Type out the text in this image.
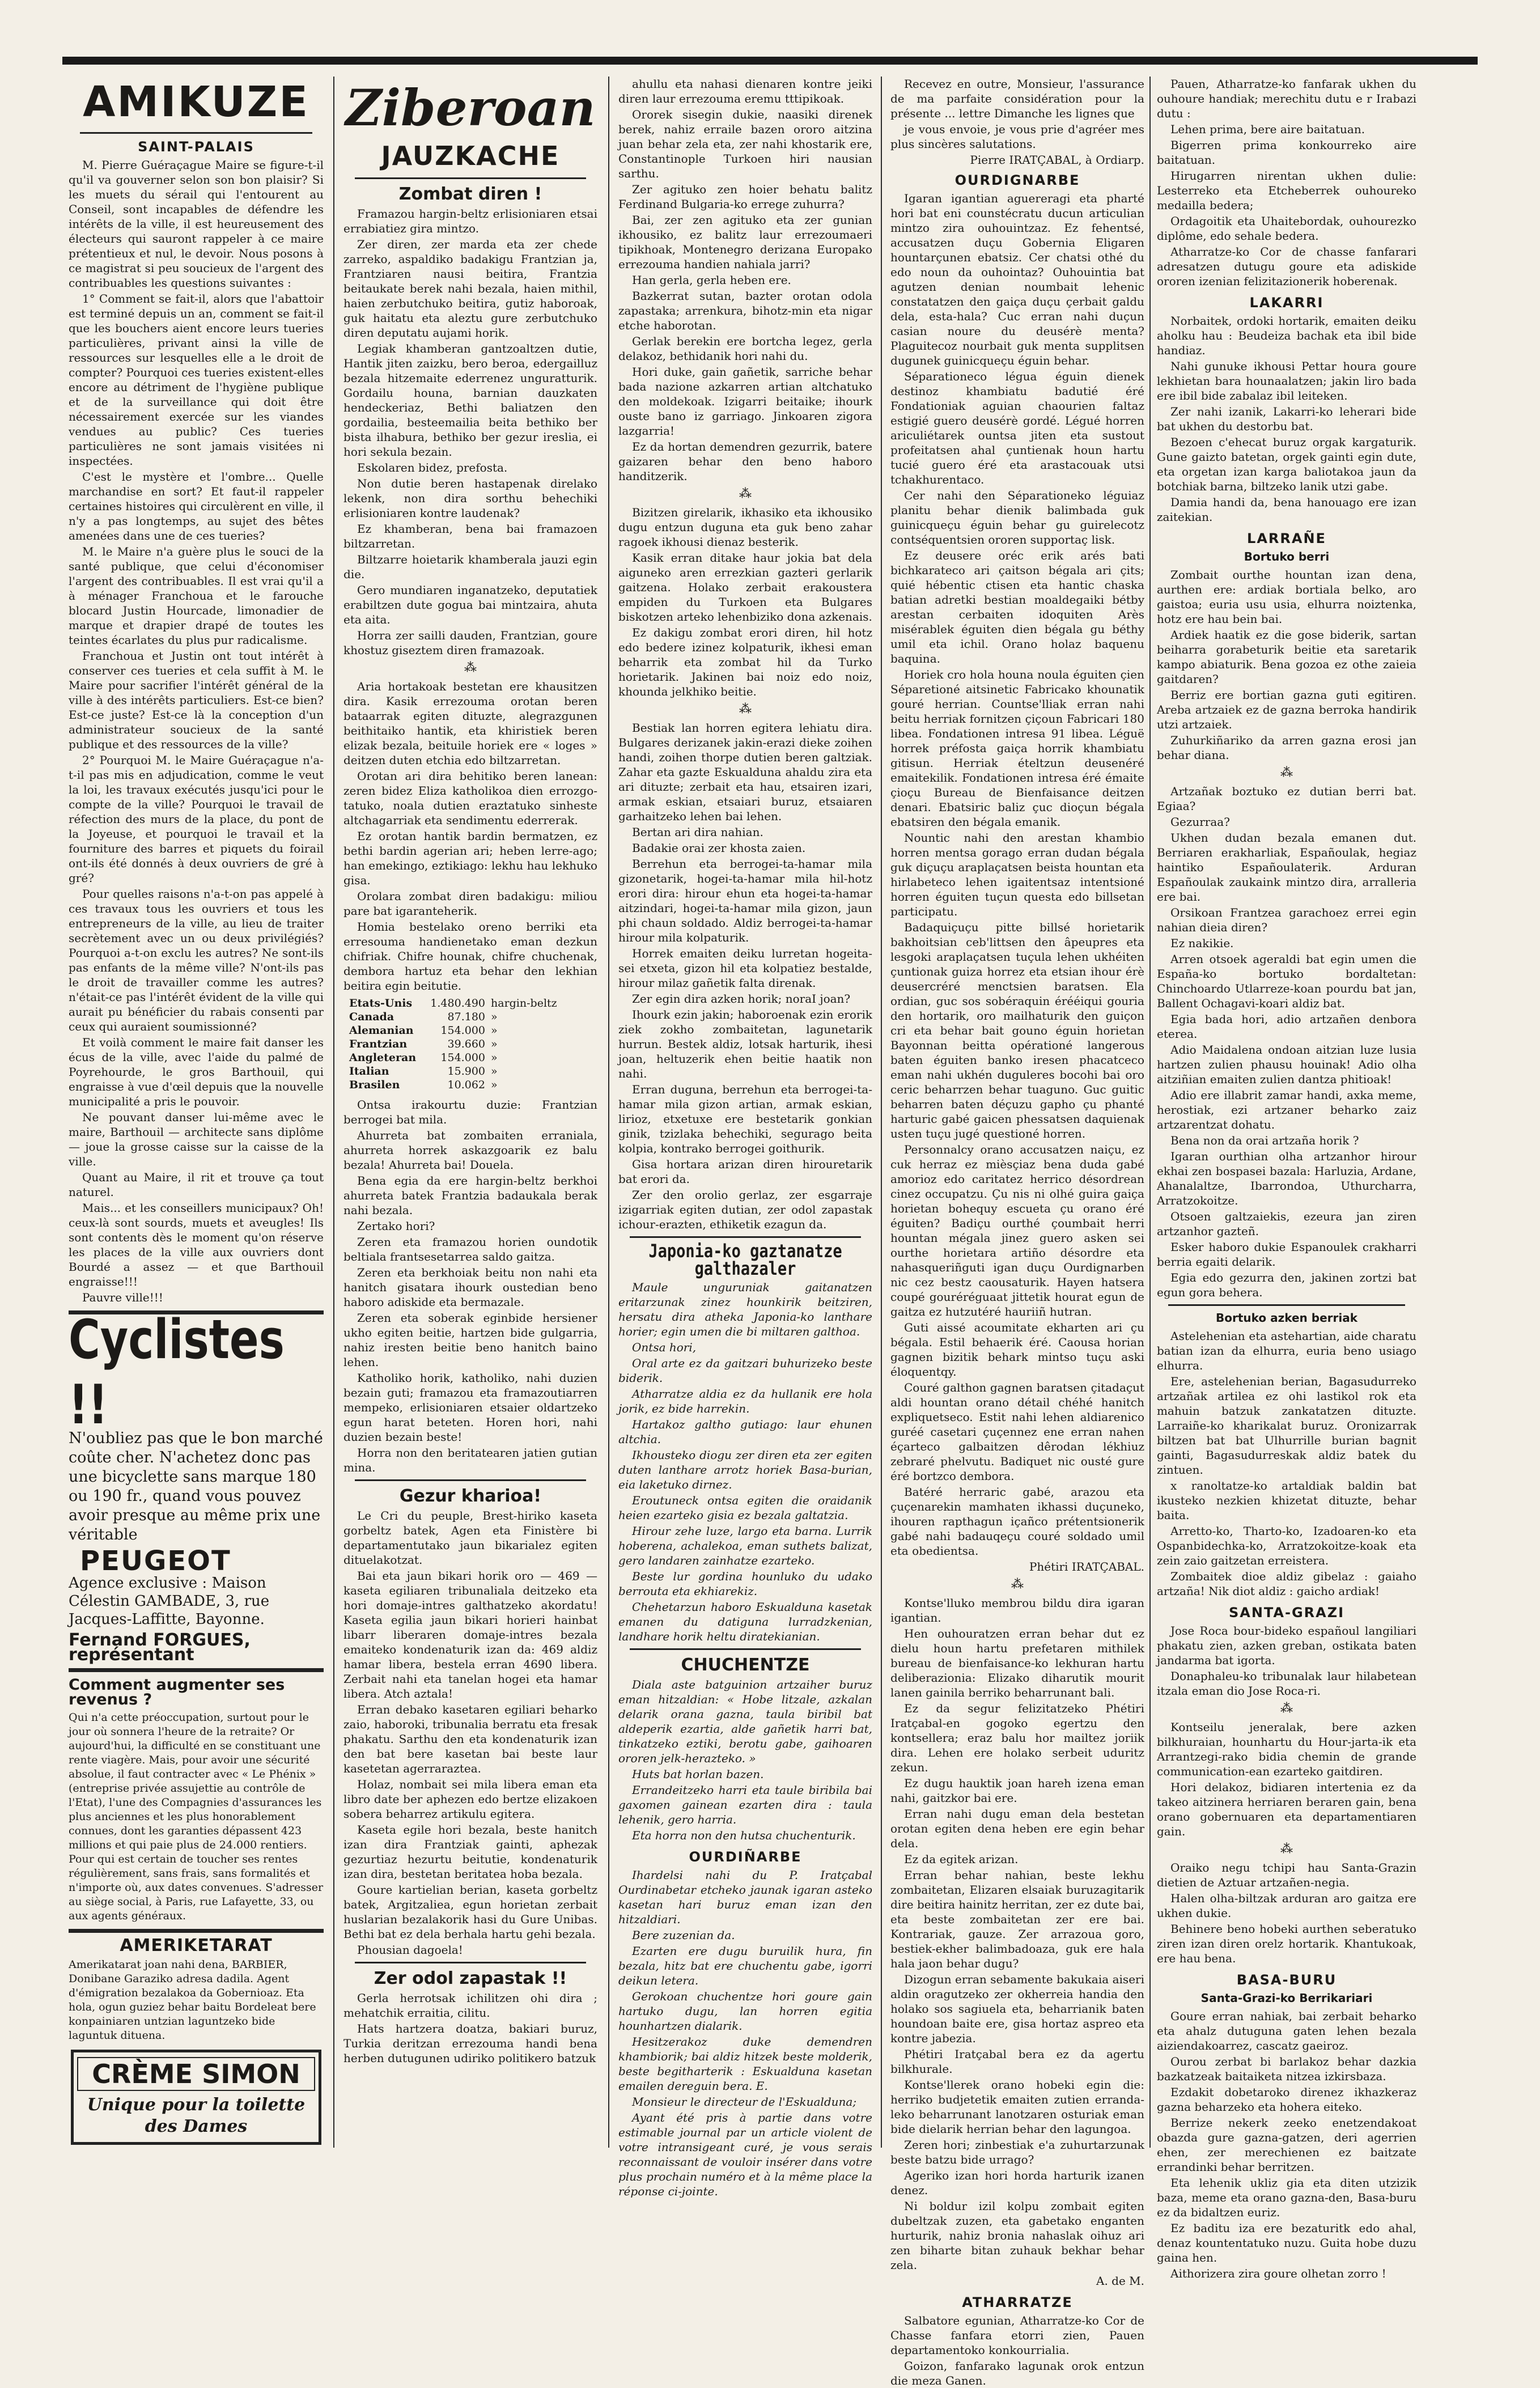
AMIKUZE
SAINT-PALAIS

M. Pierre Guéraçague Maire se figure-t-il qu'il va gouverner selon son bon plaisir? Si les muets du sérail qui l'entourent au Conseil, sont incapables de défendre les intérêts de la ville, il est heureusement des électeurs qui sauront rappeler à ce maire prétentieux et nul, le devoir. Nous posons à ce magistrat si peu soucieux de l'argent des contribuables les questions suivantes :

1° Comment se fait-il, alors que l'abattoir est terminé depuis un an, comment se fait-il que les bouchers aient encore leurs tueries particulières, privant ainsi la ville de ressources sur lesquelles elle a le droit de compter? Pourquoi ces tueries existent-elles encore au détriment de l'hygiène publique et de la surveillance qui doit être nécessairement exercée sur les viandes vendues au public? Ces tueries particulières ne sont jamais visitées ni inspectées.

C'est le mystère et l'ombre... Quelle marchandise en sort? Et faut-il rappeler certaines histoires qui circulèrent en ville, il n'y a pas longtemps, au sujet des bêtes amenées dans une de ces tueries?

M. le Maire n'a guère plus le souci de la santé publique, que celui d'économiser l'argent des contribuables. Il est vrai qu'il a à ménager Franchoua et le farouche blocard Justin Hourcade, limonadier de marque et drapier drapé de toutes les teintes écarlates du plus pur radicalisme.

Franchoua et Justin ont tout intérêt à conserver ces tueries et cela suffit à M. le Maire pour sacrifier l'intérêt général de la ville à des intérêts particuliers. Est-ce bien? Est-ce juste? Est-ce là la conception d'un administrateur soucieux de la santé publique et des ressources de la ville?

2° Pourquoi M. le Maire Guéraçague n'a-t-il pas mis en adjudication, comme le veut la loi, les travaux exécutés jusqu'ici pour le compte de la ville? Pourquoi le travail de réfection des murs de la place, du pont de la Joyeuse, et pourquoi le travail et la fourniture des barres et piquets du foirail ont-ils été donnés à deux ouvriers de gré à gré?

Pour quelles raisons n'a-t-on pas appelé à ces travaux tous les ouvriers et tous les entrepreneurs de la ville, au lieu de traiter secrètement avec un ou deux privilégiés? Pourquoi a-t-on exclu les autres? Ne sont-ils pas enfants de la même ville? N'ont-ils pas le droit de travailler comme les autres? n'était-ce pas l'intérêt évident de la ville qui aurait pu bénéficier du rabais consenti par ceux qui auraient soumissionné?

Et voilà comment le maire fait danser les écus de la ville, avec l'aide du palmé de Poyrehourde, le gros Barthouil, qui engraisse à vue d'œil depuis que la nouvelle municipalité a pris le pouvoir.

Ne pouvant danser lui-même avec le maire, Barthouil — architecte sans diplôme — joue la grosse caisse sur la caisse de la ville.

Quant au Maire, il rit et trouve ça tout naturel.

Mais... et les conseillers municipaux? Oh! ceux-là sont sourds, muets et aveugles! Ils sont contents dès le moment qu'on réserve les places de la ville aux ouvriers dont Bourdé a assez — et que Barthouil engraisse!!!

Pauvre ville!!!

Cyclistes !!
N'oubliez pas que le bon marché coûte cher. N'achetez donc pas une bicyclette sans marque 180 ou 190 fr., quand vous pouvez avoir presque au même prix une véritable
PEUGEOT
Agence exclusive : Maison Célestin GAMBADE, 3, rue Jacques-Laffitte, Bayonne.
Fernand FORGUES, représentant
Comment augmenter ses revenus ?
Qui n'a cette préoccupation, surtout pour le jour où sonnera l'heure de la retraite? Or aujourd'hui, la difficulté en se constituant une rente viagère. Mais, pour avoir une sécurité absolue, il faut contracter avec « Le Phénix » (entreprise privée assujettie au contrôle de l'Etat), l'une des Compagnies d'assurances les plus anciennes et les plus honorablement connues, dont les garanties dépassent 423 millions et qui paie plus de 24.000 rentiers. Pour qui est certain de toucher ses rentes régulièrement, sans frais, sans formalités et n'importe où, aux dates convenues. S'adresser au siège social, à Paris, rue Lafayette, 33, ou aux agents généraux.
AMERIKETARAT
Amerikatarat joan nahi dena, BARBIER, Donibane Garaziko adresa dadila. Agent d'émigration bezalakoa da Gobernioaz. Eta hola, ogun guziez behar baitu Bordeleat bere konpainiaren untzian laguntzeko bide laguntuk dituena.
CRÈME SIMON
Unique pour la toilette des Dames
Ziberoan
JAUZKACHE
Zombat diren !

Framazou hargin-beltz erlisioniaren etsai errabiatiez gira mintzo.

Zer diren, zer marda eta zer chede zarreko, aspaldiko badakigu Frantzian ja, Frantziaren nausi beitira, Frantzia beitaukate berek nahi bezala, haien mithil, haien zerbutchuko beitira, gutiz haboroak, guk haitatu eta aleztu gure zerbutchuko diren deputatu aujami horik.

Legiak khamberan gantzoaltzen dutie, Hantik jiten zaizku, bero beroa, edergailluz bezala hitzemaite ederrenez unguratturik. Gordailu houna, barnian dauzkaten hendeckeriaz, Bethi baliatzen den gordailia, besteemailia beita bethiko ber bista ilhabura, bethiko ber gezur ireslia, ei hori sekula bezain.

Eskolaren bidez, prefosta.

Non dutie beren hastapenak direlako lekenk, non dira sorthu behechiki erlisioniaren kontre laudenak?

Ez khamberan, bena bai framazoen biltzarretan.

Biltzarre hoietarik khamberala jauzi egin die.

Gero mundiaren inganatzeko, deputatiek erabiltzen dute gogua bai mintzaira, ahuta eta aita.

Horra zer sailli dauden, Frantzian, goure khostuz giseztem diren framazoak.

⁂

Aria hortakoak bestetan ere khausitzen dira. Kasik errezouma orotan beren bataarrak egiten dituzte, alegrazgunen beithitaiko hantik, eta khiristiek beren elizak bezala, beituile horiek ere « loges » deitzen duten etchia edo biltzarretan.

Orotan ari dira behitiko beren lanean: zeren bidez Eliza katholikoa dien errozgo-tatuko, noala dutien eraztatuko sinheste altchagarriak eta sendimentu ederrerak.

Ez orotan hantik bardin bermatzen, ez bethi bardin agerian ari; heben lerre-ago; han emekingo, eztikiago: lekhu hau lekhuko gisa.

Orolara zombat diren badakigu: miliou pare bat igaranteherik.

Homia bestelako oreno berriki eta erresouma handienetako eman dezkun chifriak. Chifre hounak, chifre chuchenak, dembora hartuz eta behar den lekhian beitira egin beitutie.

Etats-Unis	1.480.490 hargin-beltz
Canada	87.180 »
Alemanian	154.000 »
Frantzian	39.660 »
Angleteran	154.000 »
Italian	15.900 »
Brasilen	10.062 »

Ontsa irakourtu duzie: Frantzian berrogei bat mila.

Ahurreta bat zombaiten erraniala, ahurreta horrek askazgoarik ez balu bezala! Ahurreta bai! Douela.

Bena egia da ere hargin-beltz berkhoi ahurreta batek Frantzia badaukala berak nahi bezala.

Zertako hori?

Zeren eta framazou horien oundotik beltiala frantsesetarrea saldo gaitza.

Zeren eta berkhoiak beitu non nahi eta hanitch gisatara ihourk oustedian beno haboro adiskide eta bermazale.

Zeren eta soberak eginbide hersiener ukho egiten beitie, hartzen bide gulgarria, nahiz iresten beitie beno hanitch baino lehen.

Katholiko horik, katholiko, nahi duzien bezain guti; framazou eta framazoutiarren mempeko, erlisioniaren etsaier oldartzeko egun harat beteten. Horen hori, nahi duzien bezain beste!

Horra non den beritatearen jatien gutian mina.

Gezur kharioa!

Le Cri du peuple, Brest-hiriko kaseta gorbeltz batek, Agen eta Finistère bi departamentutako jaun bikarialez egiten dituelakotzat.

Bai eta jaun bikari horik oro — 469 — kaseta egiliaren tribunaliala deitzeko eta hori domaje-intres galthatzeko akordatu! Kaseta egilia jaun bikari horieri hainbat libarr liberaren domaje-intres bezala emaiteko kondenaturik izan da: 469 aldiz hamar libera, bestela erran 4690 libera. Zerbait nahi eta tanelan hogei eta hamar libera. Atch aztala!

Erran debako kasetaren egiliari beharko zaio, haboroki, tribunalia berratu eta fresak phakatu. Sarthu den eta kondenaturik izan den bat bere kasetan bai beste laur kasetetan agerraraztea.

Holaz, nombait sei mila libera eman eta libro date ber aphezen edo bertze elizakoen sobera beharrez artikulu egitera.

Kaseta egile hori bezala, beste hanitch izan dira Frantziak gainti, aphezak gezurtiaz hezurtu beitutie, kondenaturik izan dira, bestetan beritatea hoba bezala.

Goure kartielian berian, kaseta gorbeltz batek, Argitzaliea, egun horietan zerbait huslarian bezalakorik hasi du Gure Unibas. Bethi bat ez dela berhala hartu gehi bezala.

Phousian dagoela!

Zer odol zapastak !!

Gerla herrotsak ichilitzen ohi dira ; mehatchik erraitia, cilitu.

Hats hartzera doatza, bakiari buruz, Turkia deritzan errezouma handi bena herben dutugunen udiriko politikero batzuk

ahullu eta nahasi dienaren kontre jeiki diren laur errezouma eremu tttipikoak.

Ororek sisegin dukie, naasiki direnek berek, nahiz erraile bazen ororo aitzina juan behar zela eta, zer nahi khostarik ere, Constantinople Turkoen hiri nausian sarthu.

Zer agituko zen hoier behatu balitz Ferdinand Bulgaria-ko errege zuhurra?

Bai, zer zen agituko eta zer gunian ikhousiko, ez balitz laur errezoumaeri tipikhoak, Montenegro derizana Europako errezouma handien nahiala jarri?

Han gerla, gerla heben ere.

Bazkerrat sutan, bazter orotan odola zapastaka; arrenkura, bihotz-min eta nigar etche haborotan.

Gerlak berekin ere bortcha legez, gerla delakoz, bethidanik hori nahi du.

Hori duke, gain gañetik, sarriche behar bada nazione azkarren artian altchatuko den moldekoak. Izigarri beitaike; ihourk ouste bano iz garriago. Jinkoaren zigora lazgarria!

Ez da hortan demendren gezurrik, batere gaizaren behar den beno haboro handitzerik.

⁂

Bizitzen girelarik, ikhasiko eta ikhousiko dugu entzun duguna eta guk beno zahar ragoek ikhousi dienaz besterik.

Kasik erran ditake haur jokia bat dela aiguneko aren errezkian gazteri gerlarik gaitzena. Holako zerbait erakoustera empiden du Turkoen eta Bulgares biskotzen arteko lehenbiziko dona azkenais.

Ez dakigu zombat erori diren, hil hotz edo bedere izinez kolpaturik, ikhesi eman beharrik eta zombat hil da Turko horietarik. Jakinen bai noiz edo noiz, khounda jelkhiko beitie.

⁂

Bestiak lan horren egitera lehiatu dira. Bulgares derizanek jakin-erazi dieke zoihen handi, zoihen thorpe dutien beren galtziak. Zahar eta gazte Eskualduna ahaldu zira eta ari dituzte; zerbait eta hau, etsairen izari, armak eskian, etsaiari buruz, etsaiaren garhaitzeko lehen bai lehen.

Bertan ari dira nahian.

Badakie orai zer khosta zaien.

Berrehun eta berrogei-ta-hamar mila gizonetarik, hogei-ta-hamar mila hil-hotz erori dira: hirour ehun eta hogei-ta-hamar aitzindari, hogei-ta-hamar mila gizon, jaun phi chaun soldado. Aldiz berrogei-ta-hamar hirour mila kolpaturik.

Horrek emaiten deiku lurretan hogeita-sei etxeta, gizon hil eta kolpatiez bestalde, hirour milaz gañetik falta direnak.

Zer egin dira azken horik; noraI joan?

Ihourk ezin jakin; haboroenak ezin erorik ziek zokho zombaitetan, lagunetarik hurrun. Bestek aldiz, lotsak harturik, ihesi joan, heltuzerik ehen beitie haatik non nahi.

Erran duguna, berrehun eta berrogei-ta-hamar mila gizon artian, armak eskian, lirioz, etxetuxe ere bestetarik gonkian ginik, tzizlaka behechiki, segurago beita kolpia, kontrako berrogei goithurik.

Gisa hortara arizan diren hirouretarik bat erori da.

Zer den orolio gerlaz, zer esgarraje izigarriak egiten dutian, zer odol zapastak ichour-erazten, ethiketik ezagun da.

Japonia-ko gaztanatze galthazaler

Maule unguruniak gaitanatzen eritarzunak zinez hounkirik beitziren, hersatu dira atheka Japonia-ko lanthare horier; egin umen die bi miltaren galthoa.

Ontsa hori,

Oral arte ez da gaitzari buhurizeko beste biderik.

Atharratze aldia ez da hullanik ere hola jorik, ez bide harrekin.

Hartakoz galtho gutiago: laur ehunen altchia.

Ikhousteko diogu zer diren eta zer egiten duten lanthare arrotz horiek Basa-burian, eia laketuko dirnez.

Eroutuneck ontsa egiten die oraidanik heien ezarteko gisia ez bezala galtatzia.

Hirour zehe luze, largo eta barna. Lurrik hoberena, achalekoa, eman suthets balizat, gero landaren zainhatze ezarteko.

Beste lur gordina hounluko du udako berrouta eta ekhiarekiz.

Chehetarzun haboro Eskualduna kasetak emanen du datiguna lurradzkenian, landhare horik heltu diratekianian.

CHUCHENTZE

Diala aste batguinion artzaiher buruz eman hitzaldian: « Hobe litzale, azkalan delarik orana gazna, taula biribil bat aldeperik ezartia, alde gañetik harri bat, tinkatzeko eztiki, berotu gabe, gaihoaren ororen jelk-herazteko. »

Huts bat horlan bazen.

Errandeitzeko harri eta taule biribila bai gaxomen gainean ezarten dira : taula lehenik, gero harria.

Eta horra non den hutsa chuchenturik.

OURDIÑARBE

Ihardelsi nahi du P. Iratçabal Ourdinabetar etcheko jaunak igaran asteko kasetan hari buruz eman izan den hitzaldiari.

Bere zuzenian da.

Ezarten ere dugu buruilik hura, fin bezala, hitz bat ere chuchentu gabe, igorri deikun letera.

Gerokoan chuchentze hori goure gain hartuko dugu, lan horren egitia hounhartzen dialarik.

Hesitzerakoz duke demendren khambiorik; bai aldiz hitzek beste molderik, beste begitharterik : Eskualduna kasetan emailen dereguin bera. E.

Monsieur le directeur de l'Eskualduna;

Ayant été pris à partie dans votre estimable journal par un article violent de votre intransigeant curé, je vous serais reconnaissant de vouloir insérer dans votre plus prochain numéro et à la même place la réponse ci-jointe.

Recevez en outre, Monsieur, l'assurance de ma parfaite considération pour la présente ... lettre Dimanche les lignes que

je vous envoie, je vous prie d'agréer mes plus sincères salutations.

Pierre IRATÇABAL, à Ordiarp.

OURDIGNARBE

Igaran igantian aguereragi eta pharté hori bat eni counstécratu ducun articulian mintzo zira ouhouintzaz. Ez fehentsé, accusatzen duçu Gobernia Eligaren hountarçunen ebatsiz. Cer chatsi othé du edo noun da ouhointaz? Ouhouintia bat agutzen denian noumbait lehenic constatatzen den gaiça duçu çerbait galdu dela, esta-hala? Cuc erran nahi duçun casian noure du deusérè menta? Plaguitecoz nourbait guk menta supplitsen dugunek guinicqueçu éguin behar.

Séparationeco légua éguin dienek destinoz khambiatu badutié éré Fondationiak aguian chaourien faltaz estigié guero deusérè gordé. Légué horren ariculiétarek ountsa jiten eta sustout profeitatsen ahal çuntienak houn hartu tucié guero éré eta arastacouak utsi tchakhurentaco.

Cer nahi den Séparationeko léguiaz planitu behar dienik balimbada guk guinicqueçu éguin behar gu guirelecotz contséquentsien ororen supportaç lisk.

Ez deusere oréc erik arés bati bichkarateco ari çaitson bégala ari çits; quié hébentic ctisen eta hantic chaska batian adretki bestian moaldegaiki bétby arestan cerbaiten idoquiten Arès misérablek éguiten dien bégala gu béthy umil eta ichil. Orano holaz baquenu baquina.

Horiek cro hola houna noula éguiten çien Séparetioné aitsinetic Fabricako khounatik gouré herrian. Countse'lliak erran nahi beitu herriak fornitzen çiçoun Fabricari 180 libea. Fondationen intresa 91 libea. Léguë horrek préfosta gaiça horrik khambiatu gitisun. Herriak ételtzun deusenéré emaitekilik. Fondationen intresa éré émaite çioçu Bureau de Bienfaisance deitzen denari. Ebatsiric baliz çuc dioçun bégala ebatsiren den bégala emanik.

Nountic nahi den arestan khambio horren mentsa gorago erran dudan bégala guk diçuçu araplaçatsen beista hountan eta hirlabeteco lehen igaitentsaz intentsioné horren éguiten tuçun questa edo billsetan participatu.

Badaquiçuçu pitte billsé horietarik bakhoitsian ceb'littsen den âpeupres eta lesgoki araplaçatsen tuçula lehen ukhéiten çuntionak guiza horrez eta etsian ihour érè deusercréré menctsien baratsen. Ela ordian, guc sos sobéraquin érééiqui gouria den hortarik, oro mailhaturik den guiçon cri eta behar bait gouno éguin horietan Bayonnan beitta opérationé langerous baten éguiten banko iresen phacatceco eman nahi ukhén duguleres bocohi bai oro ceric beharrzen behar tuaguno. Guc guitic beharren baten déçuzu gapho çu phanté harturic gabé gaicen phessatsen daquienak usten tuçu jugé questioné horren.

Personnalcy orano accusatzen naiçu, ez cuk herraz ez mièsçiaz bena duda gabé amorioz edo caritatez herrico désordrean cinez occupatzu. Çu nis ni olhé guira gaiça horietan bohequy escueta çu orano éré éguiten? Badiçu ourthé çoumbait herri hountan mégala jinez guero asken sei ourthe horietara artiño désordre eta nahasqueriñguti igan duçu Ourdignarben nic cez bestz caousaturik. Hayen hatsera coupé gouréréguaat jittetik hourat egun de gaitza ez hutzutéré hauriiñ hutran.

Guti aissé acoumitate ekharten ari çu bégala. Estil behaerik éré. Caousa horian gagnen bizitik behark mintso tuçu aski éloquentqy.

Couré galthon gagnen baratsen çitadaçut aldi hountan orano détail chéhé hanitch expliquetseco. Estit nahi lehen aldiarenico guréé casetari çuçennez ene erran nahen éçarteco galbaitzen dêrodan lékhiuz zebraré phelvutu. Badiquet nic ousté gure éré bortzco dembora.

Batéré herraric gabé, arazou eta çuçenarekin mamhaten ikhassi duçuneko, ihouren rapthagun içañco prétentsionerik gabé nahi badauqeçu couré soldado umil eta obedientsa.

Phétiri IRATÇABAL.

⁂

Kontse'lluko membrou bildu dira igaran igantian.

Hen ouhouratzen erran behar dut ez dielu houn hartu prefetaren mithilek bureau de bienfaisance-ko lekhuran hartu deliberazionia: Elizako diharutik mourit lanen gainila berriko beharrunant bali.

Ez da segur felizitatzeko Phétiri Iratçabal-en gogoko egertzu den kontsellera; eraz balu hor mailtez joriik dira. Lehen ere holako serbeit uduritz zekun.

Ez dugu hauktik joan hareh izena eman nahi, gaitzkor bai ere.

Erran nahi dugu eman dela bestetan orotan egiten dena heben ere egin behar dela.

Ez da egitek arizan.

Erran behar nahian, beste lekhu zombaitetan, Elizaren elsaiak buruzagitarik dire beitira hainitz herritan, zer ez dute bai, eta beste zombaitetan zer ere bai. Kontrariak, gauze. Zer arrazoua goro, bestiek-ekher balimbadoaza, guk ere hala hala jaon behar dugu?

Dizogun erran sebamente bakukaia aiseri aldin oragutzeko zer okherreia handia den holako sos sagiuela eta, beharrianik baten houndoan baite ere, gisa hortaz aspreo eta kontre jabezia.

Phétiri Iratçabal bera ez da agertu bilkhurale.

Kontse'llerek orano hobeki egin die: herriko budjetetik emaiten zutien erranda-leko beharrunant lanotzaren osturiak eman bide dielarik herrian behar den lagungoa.

Zeren hori; zinbestiak e'a zuhurtarzunak beste batzu bide urrago?

Ageriko izan hori horda harturik izanen denez.

Ni boldur izil kolpu zombait egiten dubeltzak zuzen, eta gabetako enganten hurturik, nahiz bronia nahaslak oihuz ari zen biharte bitan zuhauk bekhar behar zela.

A. de M.

ATHARRATZE

Salbatore egunian, Atharratze-ko Cor de Chasse fanfara etorri zien, Pauen departamentoko konkourrialia.

Goizon, fanfarako lagunak orok entzun die meza Ganen.

Pauen, Atharratze-ko fanfarak ukhen du ouhoure handiak; merechitu dutu e r Irabazi dutu :

Lehen prima, bere aire baitatuan.

Bigerren prima konkourreko aire baitatuan.

Hirugarren nirentan ukhen dulie: Lesterreko eta Etcheberrek ouhoureko medailla bedera;

Ordagoitik eta Uhaitebordak, ouhourezko diplôme, edo sehale bedera.

Atharratze-ko Cor de chasse fanfarari adresatzen dutugu goure eta adiskide ororen izenian felizitazionerik hoberenak.

LAKARRI

Norbaitek, ordoki hortarik, emaiten deiku aholku hau : Beudeiza bachak eta ibil bide handiaz.

Nahi gunuke ikhousi Pettar houra goure lekhietan bara hounaalatzen; jakin liro bada ere ibil bide zabalaz ibil leiteken.

Zer nahi izanik, Lakarri-ko leherari bide bat ukhen du destorbu bat.

Bezoen c'ehecat buruz orgak kargaturik. Gune gaizto batetan, orgek gainti egin dute, eta orgetan izan karga baliotakoa jaun da botchiak barna, biltzeko lanik utzi gabe.

Damia handi da, bena hanouago ere izan zaitekian.

LARRAÑE
Bortuko berri

Zombait ourthe hountan izan dena, aurthen ere: ardiak bortiala belko, aro gaistoa; euria usu usia, elhurra noiztenka, hotz ere hau bein bai.

Ardiek haatik ez die gose biderik, sartan beiharra gorabeturik beitie eta saretarik kampo abiaturik. Bena gozoa ez othe zaieia gaitdaren?

Berriz ere bortian gazna guti egitiren. Areba artzaiek ez de gazna berroka handirik utzi artzaiek.

Zuhurkiñariko da arren gazna erosi jan behar diana.

⁂

Artzañak boztuko ez dutian berri bat. Egiaa?

Gezurraa?

Ukhen dudan bezala emanen dut. Berriaren erakharliak, Españoulak, hegiaz haintiko Españoulaterik. Arduran Españoulak zaukaink mintzo dira, arralleria ere bai.

Orsikoan Frantzea garachoez errei egin nahian dieia diren?

Ez nakikie.

Arren otsoek ageraldi bat egin umen die España-ko bortuko bordaltetan: Chinchoardo Utlarreze-koan pourdu bat jan, Ballent Ochagavi-koari aldiz bat.

Egia bada hori, adio artzañen denbora eterea.

Adio Maidalena ondoan aitzian luze lusia hartzen zulien phausu houinak! Adio olha aitziñian emaiten zulien dantza phitioak!

Adio ere illabrit zamar handi, axka meme, herostiak, ezi artzaner beharko zaiz artzarentzat dohatu.

Bena non da orai artzaña horik ?

Igaran ourthian olha artzanhor hirour ekhai zen bospasei bazala: Harluzia, Ardane, Ahanalaltze, Ibarrondoa, Uthurcharra, Arratzokoitze.

Otsoen galtzaiekis, ezeura jan ziren artzanhor gazteñ.

Esker haboro dukie Espanoulek crakharri berria egaiti delarik.

Egia edo gezurra den, jakinen zortzi bat egun gora behera.

Bortuko azken berriak

Astelehenian eta astehartian, aide charatu batian izan da elhurra, euria beno usiago elhurra.

Ere, astelehenian berian, Bagasudurreko artzañak artilea ez ohi lastikol rok eta mahuin batzuk zankatatzen dituzte. Larraiñe-ko kharikalat buruz. Oronizarrak biltzen bat bat Ulhurrille burian bagnit gainti, Bagasudurreskak aldiz batek du zintuen.

x ranoltatze-ko artaldiak baldin bat ikusteko nezkien khizetat dituzte, behar baita.

Arretto-ko, Tharto-ko, Izadoaren-ko eta Ospanbidechka-ko, Arratzokoitze-koak eta zein zaio gaitzetan erreistera.

Zombaitek dioe aldiz gibelaz : gaiaho artzaña! Nik diot aldiz : gaicho ardiak!

SANTA-GRAZI

Jose Roca bour-bideko españoul langiliari phakatu zien, azken greban, ostikata baten jandarma bat igorta.

Donaphaleu-ko tribunalak laur hilabetean itzala eman dio Jose Roca-ri.

⁂

Kontseilu jeneralak, bere azken bilkhuraian, hounhartu du Hour-jarta-ik eta Arrantzegi-rako bidia chemin de grande communication-ean ezarteko gaitdiren.

Hori delakoz, bidiaren intertenia ez da takeo aitzinera herriaren beraren gain, bena orano gobernuaren eta departamentiaren gain.

⁂

Oraiko negu tchipi hau Santa-Grazin dietien de Aztuar artzañen-negia.

Halen olha-biltzak arduran aro gaitza ere ukhen dukie.

Behinere beno hobeki aurthen seberatuko ziren izan diren orelz hortarik. Khantukoak, ere hau bena.

BASA-BURU
Santa-Grazi-ko Berrikariari

Goure erran nahiak, bai zerbait beharko eta ahalz dutuguna gaten lehen bezala aiziendakoarrez, cascatz gaeiroz.

Ourou zerbat bi barlakoz behar dazkia bazkatzeak baitaiketa nitzea izkirsbaza.

Ezdakit dobetaroko direnez ikhazkeraz gazna beharzeko eta hohera eiteko.

Berrize nekerk zeeko enetzendakoat obazda gure gazna-gatzen, deri agerrien ehen, zer merechienen ez baitzate errandinki behar berritzen.

Eta lehenik ukliz gia eta diten utzizik baza, meme eta orano gazna-den, Basa-buru ez da bidaltzen euriz.

Ez baditu iza ere bezaturitk edo ahal, denaz kountentatuko nuzu. Guita hobe duzu gaina hen.

Aithorizera zira goure olhetan zorro !
